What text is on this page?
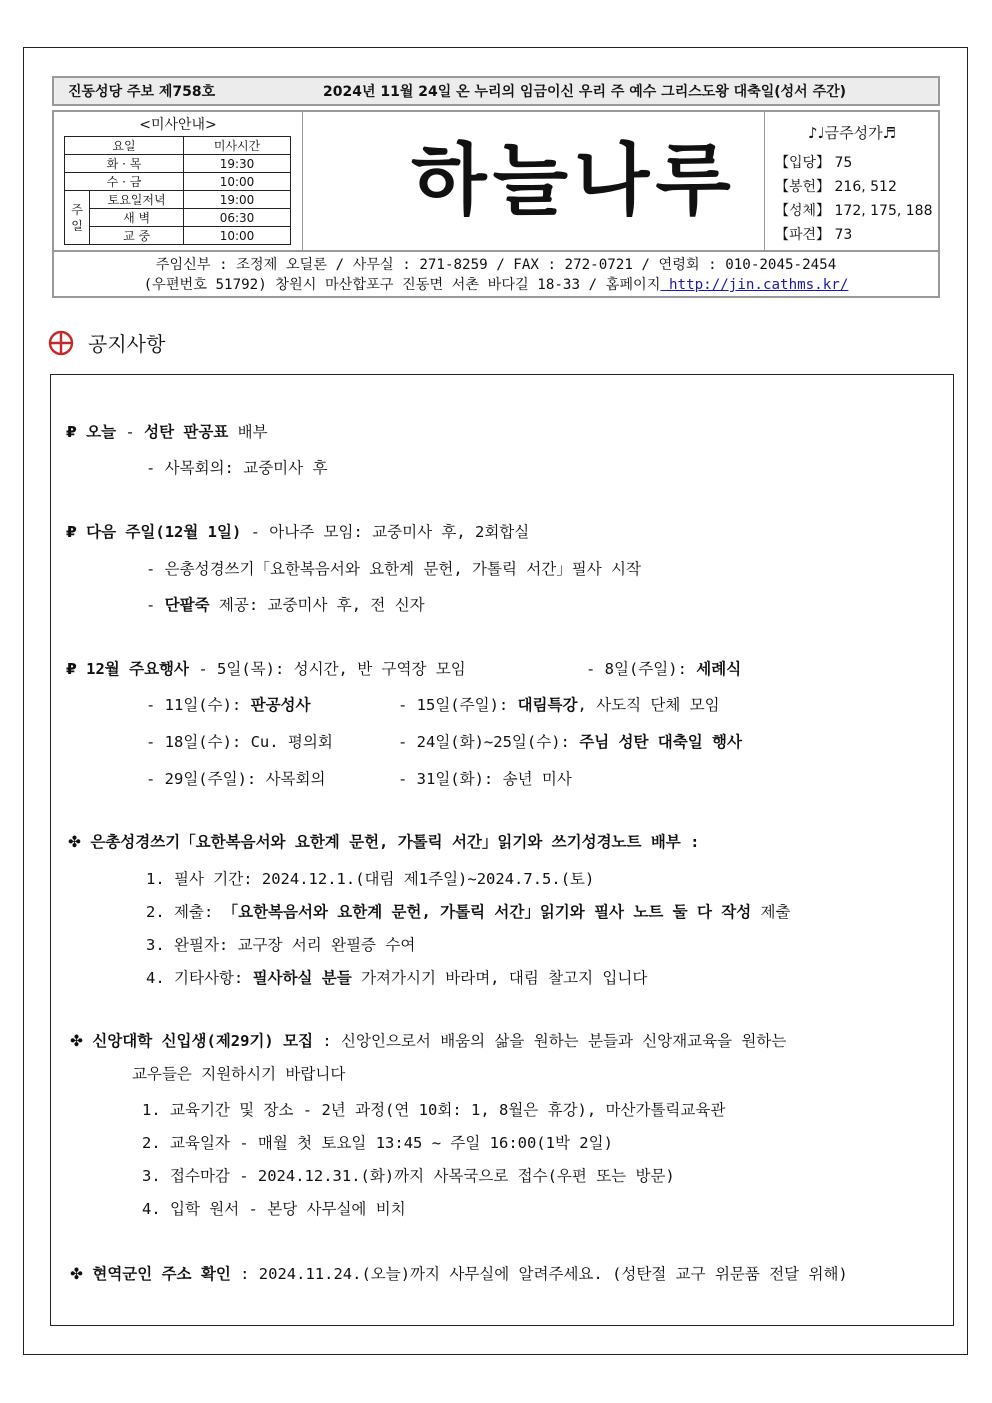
진동성당 주보 제758호	2024년 11월 24일 온 누리의 임금이신 우리 주 예수 그리스도왕 대축일(성서 주간)
<미사안내>
요일		미사시간
화 · 목		19:30
수 · 금		10:00
주
일	토요일저녁	19:00
	새 벽	06:30
	교 중	10:00
하늘나루
♪♩금주성가♬
【입당】 75
【봉헌】 216, 512
【성체】 172, 175, 188
【파견】 73
주임신부 : 조정제 오딜론 / 사무실 : 271-8259 / FAX : 272-0721 / 연령회 : 010-2045-2454
(우편번호 51792) 창원시 마산합포구 진동면 서촌 바다길 18-33 / 홈페이지 http://jin.cathms.kr/
공지사항
₽ 오늘 - 성탄 판공표 배부
- 사목회의: 교중미사 후
₽ 다음 주일(12월 1일) - 아나주 모임: 교중미사 후, 2회합실
- 은총성경쓰기「요한복음서와 요한계 문헌, 가톨릭 서간」필사 시작
- 단팥죽 제공: 교중미사 후, 전 신자
₽ 12월 주요행사 - 5일(목): 성시간, 반 구역장 모임	- 8일(주일): 세례식
- 11일(수): 판공성사	- 15일(주일): 대림특강, 사도직 단체 모임
- 18일(수): Cu. 평의회	- 24일(화)~25일(수): 주님 성탄 대축일 행사
- 29일(주일): 사목회의	- 31일(화): 송년 미사
✤ 은총성경쓰기「요한복음서와 요한계 문헌, 가톨릭 서간」읽기와 쓰기성경노트 배부 :
1. 필사 기간: 2024.12.1.(대림 제1주일)~2024.7.5.(토)
2. 제출: 「요한복음서와 요한계 문헌, 가톨릭 서간」읽기와 필사 노트 둘 다 작성 제출
3. 완필자: 교구장 서리 완필증 수여
4. 기타사항: 필사하실 분들 가져가시기 바라며, 대림 찰고지 입니다
✤ 신앙대학 신입생(제29기) 모집 : 신앙인으로서 배움의 삶을 원하는 분들과 신앙재교육을 원하는
교우들은 지원하시기 바랍니다
1. 교육기간 및 장소 - 2년 과정(연 10회: 1, 8월은 휴강), 마산가톨릭교육관
2. 교육일자 - 매월 첫 토요일 13:45 ~ 주일 16:00(1박 2일)
3. 접수마감 - 2024.12.31.(화)까지 사목국으로 접수(우편 또는 방문)
4. 입학 원서 - 본당 사무실에 비치
✤ 현역군인 주소 확인 : 2024.11.24.(오늘)까지 사무실에 알려주세요. (성탄절 교구 위문품 전달 위해)
